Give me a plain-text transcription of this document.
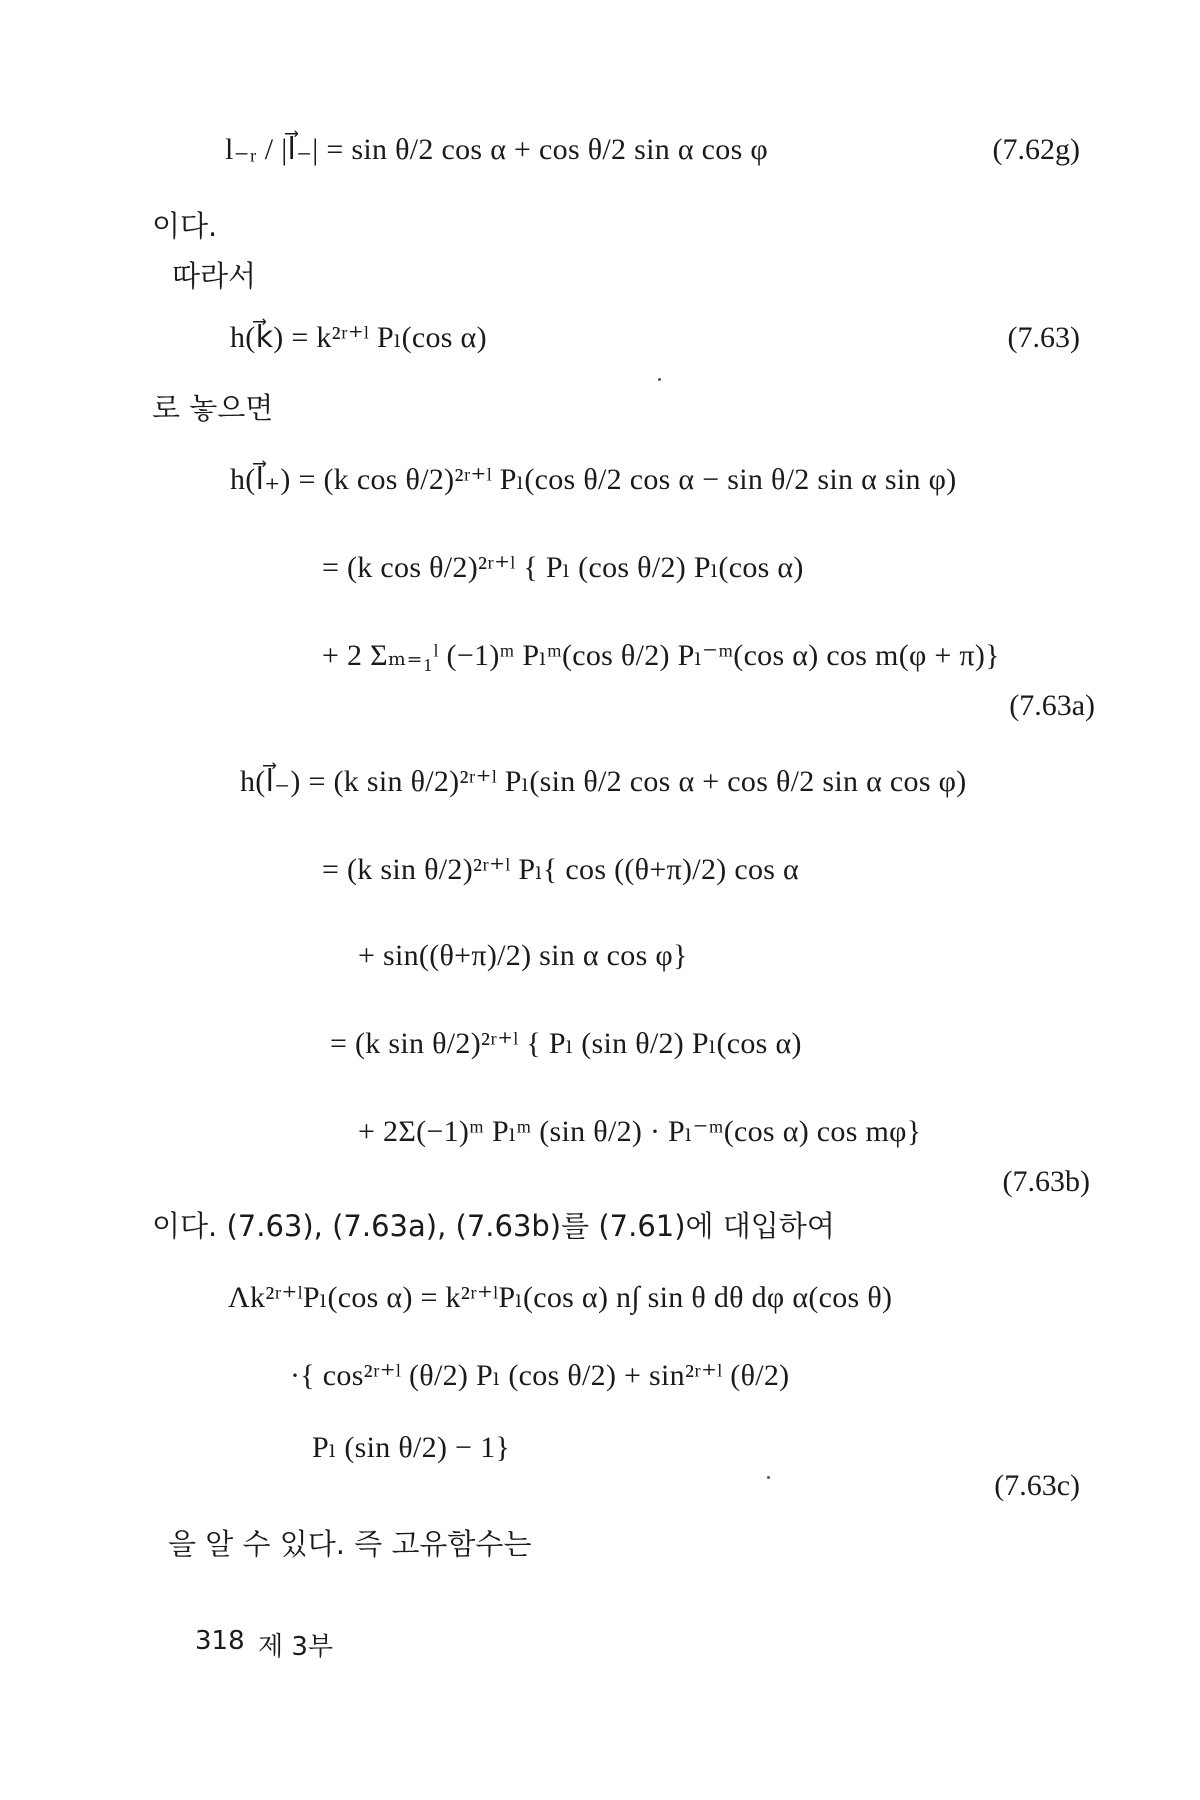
l₋ᵣ / |l⃗₋| = sin θ/2 cos α + cos θ/2 sin α cos φ	(7.62g)
이다.
따라서
h(k⃗) = k²ʳ⁺ˡ Pₗ(cos α)	(7.63)
로 놓으면
h(l⃗₊) = (k cos θ/2)²ʳ⁺ˡ Pₗ(cos θ/2 cos α − sin θ/2 sin α sin φ)
= (k cos θ/2)²ʳ⁺ˡ { Pₗ (cos θ/2) Pₗ(cos α)
+ 2 Σₘ₌₁ˡ (−1)ᵐ Pₗᵐ(cos θ/2) Pₗ⁻ᵐ(cos α) cos m(φ + π)}
(7.63a)
h(l⃗₋) = (k sin θ/2)²ʳ⁺ˡ Pₗ(sin θ/2 cos α + cos θ/2 sin α cos φ)
= (k sin θ/2)²ʳ⁺ˡ Pₗ{ cos ((θ+π)/2) cos α
+ sin((θ+π)/2) sin α cos φ}
= (k sin θ/2)²ʳ⁺ˡ { Pₗ (sin θ/2) Pₗ(cos α)
+ 2Σ(−1)ᵐ Pₗᵐ (sin θ/2) · Pₗ⁻ᵐ(cos α) cos mφ}
(7.63b)
이다. (7.63), (7.63a), (7.63b)를 (7.61)에 대입하여
Λk²ʳ⁺ˡPₗ(cos α) = k²ʳ⁺ˡPₗ(cos α) n∫ sin θ dθ dφ α(cos θ)
·{ cos²ʳ⁺ˡ (θ/2) Pₗ (cos θ/2) + sin²ʳ⁺ˡ (θ/2)
Pₗ (sin θ/2) − 1}
(7.63c)
을 알 수 있다. 즉 고유함수는
318 제 3부
